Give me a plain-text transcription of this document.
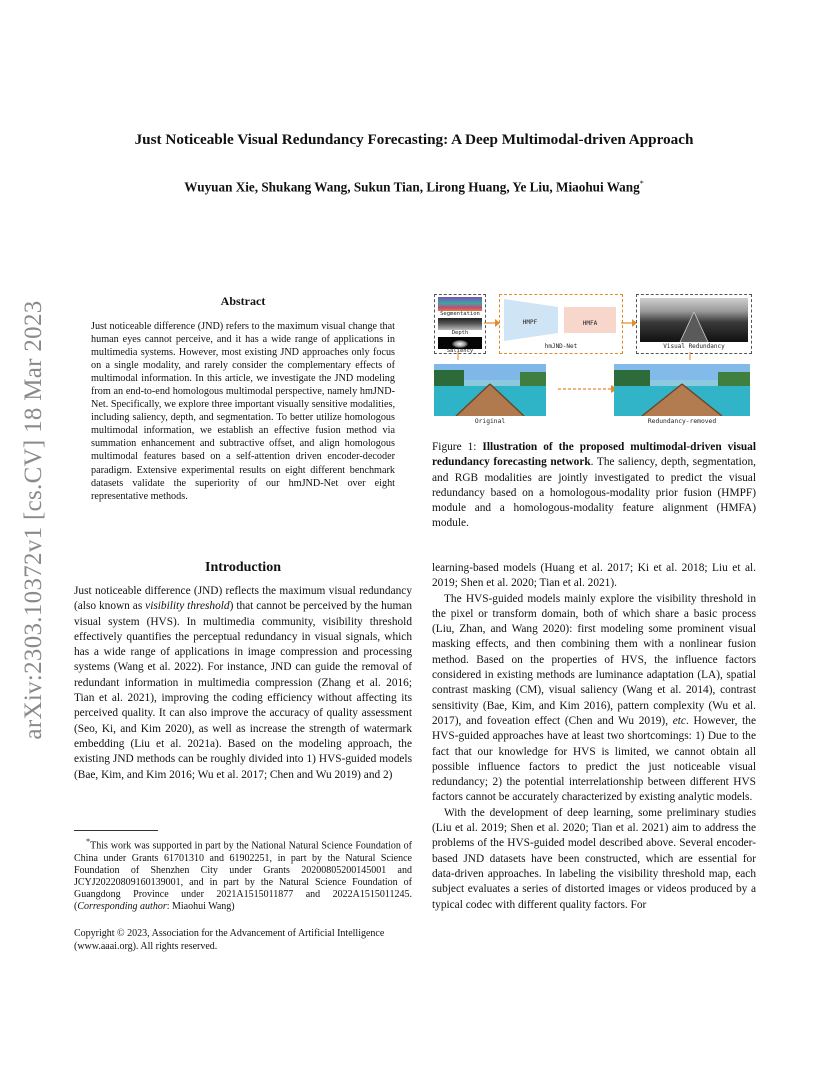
arXiv:2303.10372v1 [cs.CV] 18 Mar 2023
Just Noticeable Visual Redundancy Forecasting: A Deep Multimodal-driven Approach
Wuyuan Xie, Shukang Wang, Sukun Tian, Lirong Huang, Ye Liu, Miaohui Wang*
Abstract
Just noticeable difference (JND) refers to the maximum visual change that human eyes cannot perceive, and it has a wide range of applications in multimedia systems. However, most existing JND approaches only focus on a single modality, and rarely consider the complementary effects of multimodal information. In this article, we investigate the JND modeling from an end-to-end homologous multimodal perspective, namely hmJND-Net. Specifically, we explore three important visually sensitive modalities, including saliency, depth, and segmentation. To better utilize homologous multimodal information, we establish an effective fusion method via summation enhancement and subtractive offset, and align homologous multimodal features based on a self-attention driven encoder-decoder paradigm. Extensive experimental results on eight different benchmark datasets validate the superiority of our hmJND-Net over eight representative methods.
Introduction
Just noticeable difference (JND) reflects the maximum visual redundancy (also known as visibility threshold) that cannot be perceived by the human visual system (HVS). In multimedia community, visibility threshold effectively quantifies the perceptual redundancy in visual signals, which has a wide range of applications in image compression and processing systems (Wang et al. 2022). For instance, JND can guide the removal of redundant information in multimedia compression (Zhang et al. 2016; Tian et al. 2021), improving the coding efficiency without affecting its perceived quality. It can also improve the accuracy of quality assessment (Seo, Ki, and Kim 2020), as well as increase the strength of watermark embedding (Liu et al. 2021a). Based on the modeling approach, the existing JND methods can be roughly divided into 1) HVS-guided models (Bae, Kim, and Kim 2016; Wu et al. 2017; Chen and Wu 2019) and 2)
*This work was supported in part by the National Natural Science Foundation of China under Grants 61701310 and 61902251, in part by the Natural Science Foundation of Shenzhen City under Grants 20200805200145001 and JCYJ20220809160139001, and in part by the Natural Science Foundation of Guangdong Province under 2021A1515011877 and 2022A1515011245. (Corresponding author: Miaohui Wang)
Copyright © 2023, Association for the Advancement of Artificial Intelligence (www.aaai.org). All rights reserved.
Segmentation
Depth
Saliency
HMPF	HMFA
hmJND-Net	Visual Redundancy
Original	Redundancy-removed
Figure 1: Illustration of the proposed multimodal-driven visual redundancy forecasting network. The saliency, depth, segmentation, and RGB modalities are jointly investigated to predict the visual redundancy based on a homologous-modality prior fusion (HMPF) module and a homologous-modality feature alignment (HMFA) module.
learning-based models (Huang et al. 2017; Ki et al. 2018; Liu et al. 2019; Shen et al. 2020; Tian et al. 2021).
The HVS-guided models mainly explore the visibility threshold in the pixel or transform domain, both of which share a basic process (Liu, Zhan, and Wang 2020): first modeling some prominent visual masking effects, and then combining them with a nonlinear fusion method. Based on the properties of HVS, the influence factors considered in existing methods are luminance adaptation (LA), spatial contrast masking (CM), visual saliency (Wang et al. 2014), contrast sensitivity (Bae, Kim, and Kim 2016), pattern complexity (Wu et al. 2017), and foveation effect (Chen and Wu 2019), etc. However, the HVS-guided approaches have at least two shortcomings: 1) Due to the fact that our knowledge for HVS is limited, we cannot obtain all possible influence factors to predict the just noticeable visual redundancy; 2) the potential interrelationship between different HVS factors cannot be accurately characterized by existing analytic models.
With the development of deep learning, some preliminary studies (Liu et al. 2019; Shen et al. 2020; Tian et al. 2021) aim to address the problems of the HVS-guided model described above. Several encoder-based JND datasets have been constructed, which are essential for data-driven approaches. In labeling the visibility threshold map, each subject evaluates a series of distorted images or videos produced by a typical codec with different quality factors. For
